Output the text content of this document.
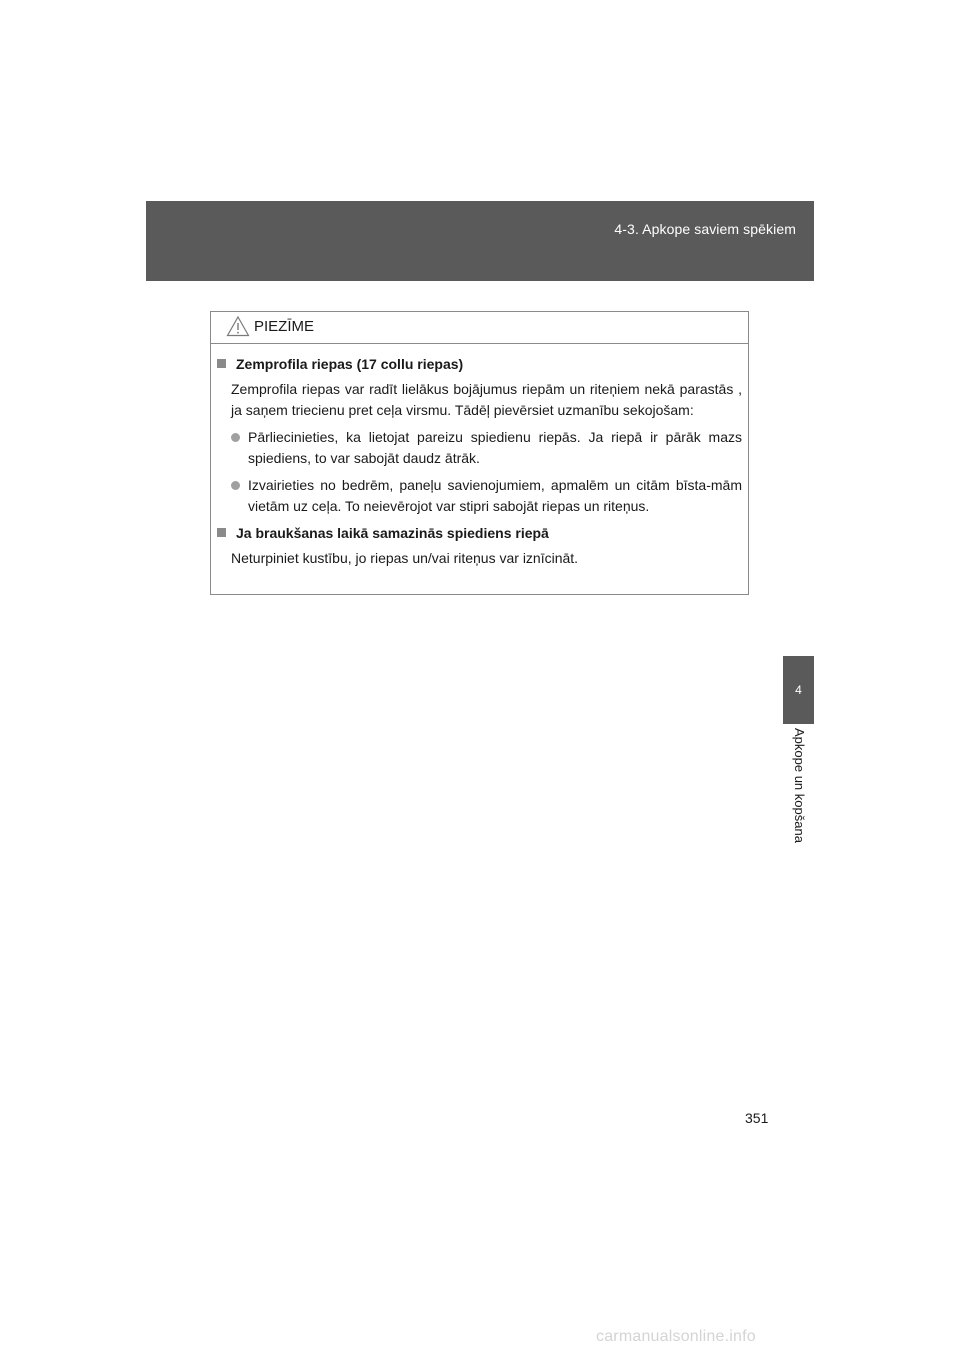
4-3. Apkope saviem spēkiem
4
Apkope un kopšana
PIEZĪME
Zemprofila riepas (17 collu riepas)
Zemprofila riepas var radīt lielākus bojājumus riepām un riteņiem nekā parastās , ja saņem triecienu pret ceļa virsmu. Tādēļ pievērsiet uzmanību sekojošam:
Pārliecinieties, ka lietojat pareizu spiedienu riepās. Ja riepā ir pārāk mazs spiediens, to var sabojāt daudz ātrāk.
Izvairieties no bedrēm, paneļu savienojumiem, apmalēm un citām bīsta-mām vietām uz ceļa. To neievērojot var stipri sabojāt riepas un riteņus.
Ja braukšanas laikā samazinās spiediens riepā
Neturpiniet kustību, jo riepas un/vai riteņus var iznīcināt.
351
carmanualsonline.info
